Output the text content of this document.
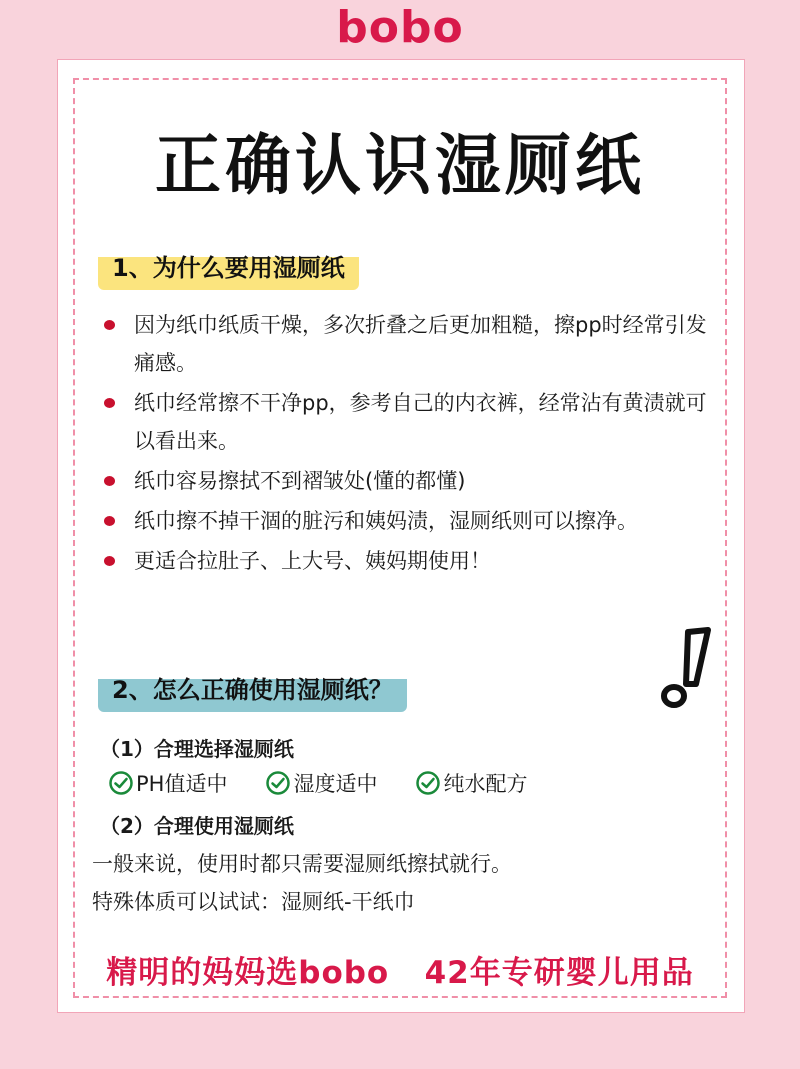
bobo
正确认识湿厕纸
1、为什么要用湿厕纸
因为纸巾纸质干燥，多次折叠之后更加粗糙，擦pp时经常引发痛感。
纸巾经常擦不干净pp，参考自己的内衣裤，经常沾有黄渍就可以看出来。
纸巾容易擦拭不到褶皱处(懂的都懂)
纸巾擦不掉干涸的脏污和姨妈渍，湿厕纸则可以擦净。
更适合拉肚子、上大号、姨妈期使用！
2、怎么正确使用湿厕纸？
（1）合理选择湿厕纸
PH值适中	湿度适中	纯水配方
（2）合理使用湿厕纸
一般来说，使用时都只需要湿厕纸擦拭就行。
特殊体质可以试试：湿厕纸-干纸巾
精明的妈妈选bobo   42年专研婴儿用品
